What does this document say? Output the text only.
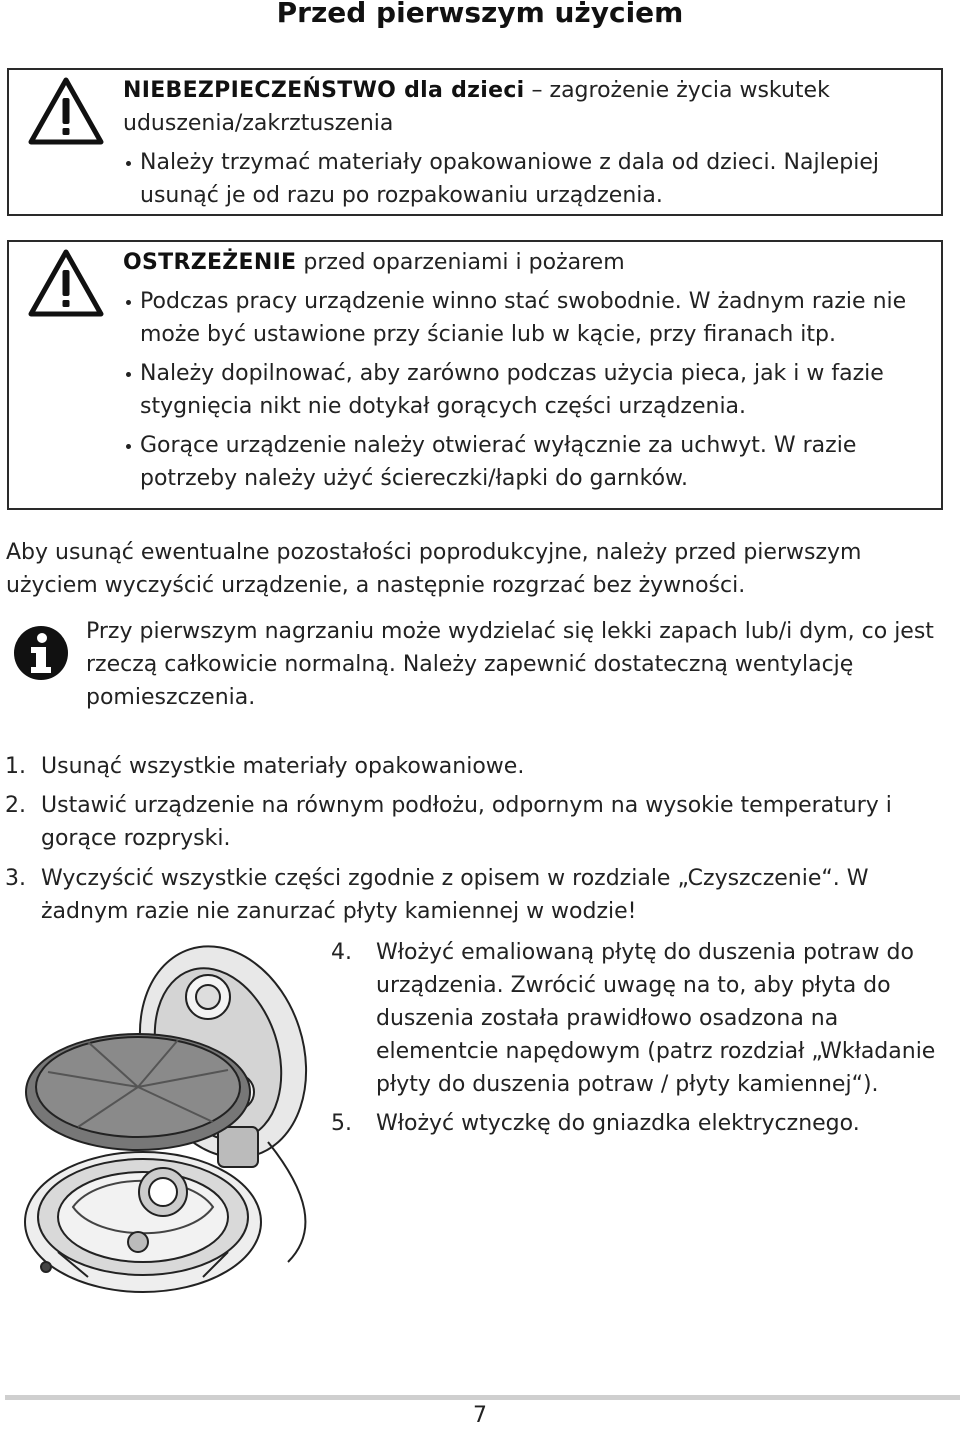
Przed pierwszym użyciem
NIEBEZPIECZEŃSTWO dla dzieci – zagrożenie życia wskutek uduszenia/zakrztuszenia
Należy trzymać materiały opakowaniowe z dala od dzieci. Najlepiej usunąć je od razu po rozpakowaniu urządzenia.
OSTRZEŻENIE przed oparzeniami i pożarem
Podczas pracy urządzenie winno stać swobodnie. W żadnym razie nie może być ustawione przy ścianie lub w kącie, przy firanach itp.
Należy dopilnować, aby zarówno podczas użycia pieca, jak i w fazie stygnięcia nikt nie dotykał gorących części urządzenia.
Gorące urządzenie należy otwierać wyłącznie za uchwyt. W razie potrzeby należy użyć ściereczki/łapki do garnków.

Aby usunąć ewentualne pozostałości poprodukcyjne, należy przed pierwszym użyciem wyczyścić urządzenie, a następnie rozgrzać bez żywności.

Przy pierwszym nagrzaniu może wydzielać się lekki zapach lub/i dym, co jest rzeczą całkowicie normalną. Należy zapewnić dostateczną wentylację pomieszczenia.

1. Usunąć wszystkie materiały opakowaniowe.
2. Ustawić urządzenie na równym podłożu, odpornym na wysokie temperatury i gorące rozpryski.
3. Wyczyścić wszystkie części zgodnie z opisem w rozdziale „Czyszczenie“. W żadnym razie nie zanurzać płyty kamiennej w wodzie!
4. Włożyć emaliowaną płytę do duszenia potraw do urządzenia. Zwrócić uwagę na to, aby płyta do duszenia została prawidłowo osadzona na elementcie napędowym (patrz rozdział „Wkładanie płyty do duszenia potraw / płyty kamiennej“).
5. Włożyć wtyczkę do gniazdka elektrycznego.
7
